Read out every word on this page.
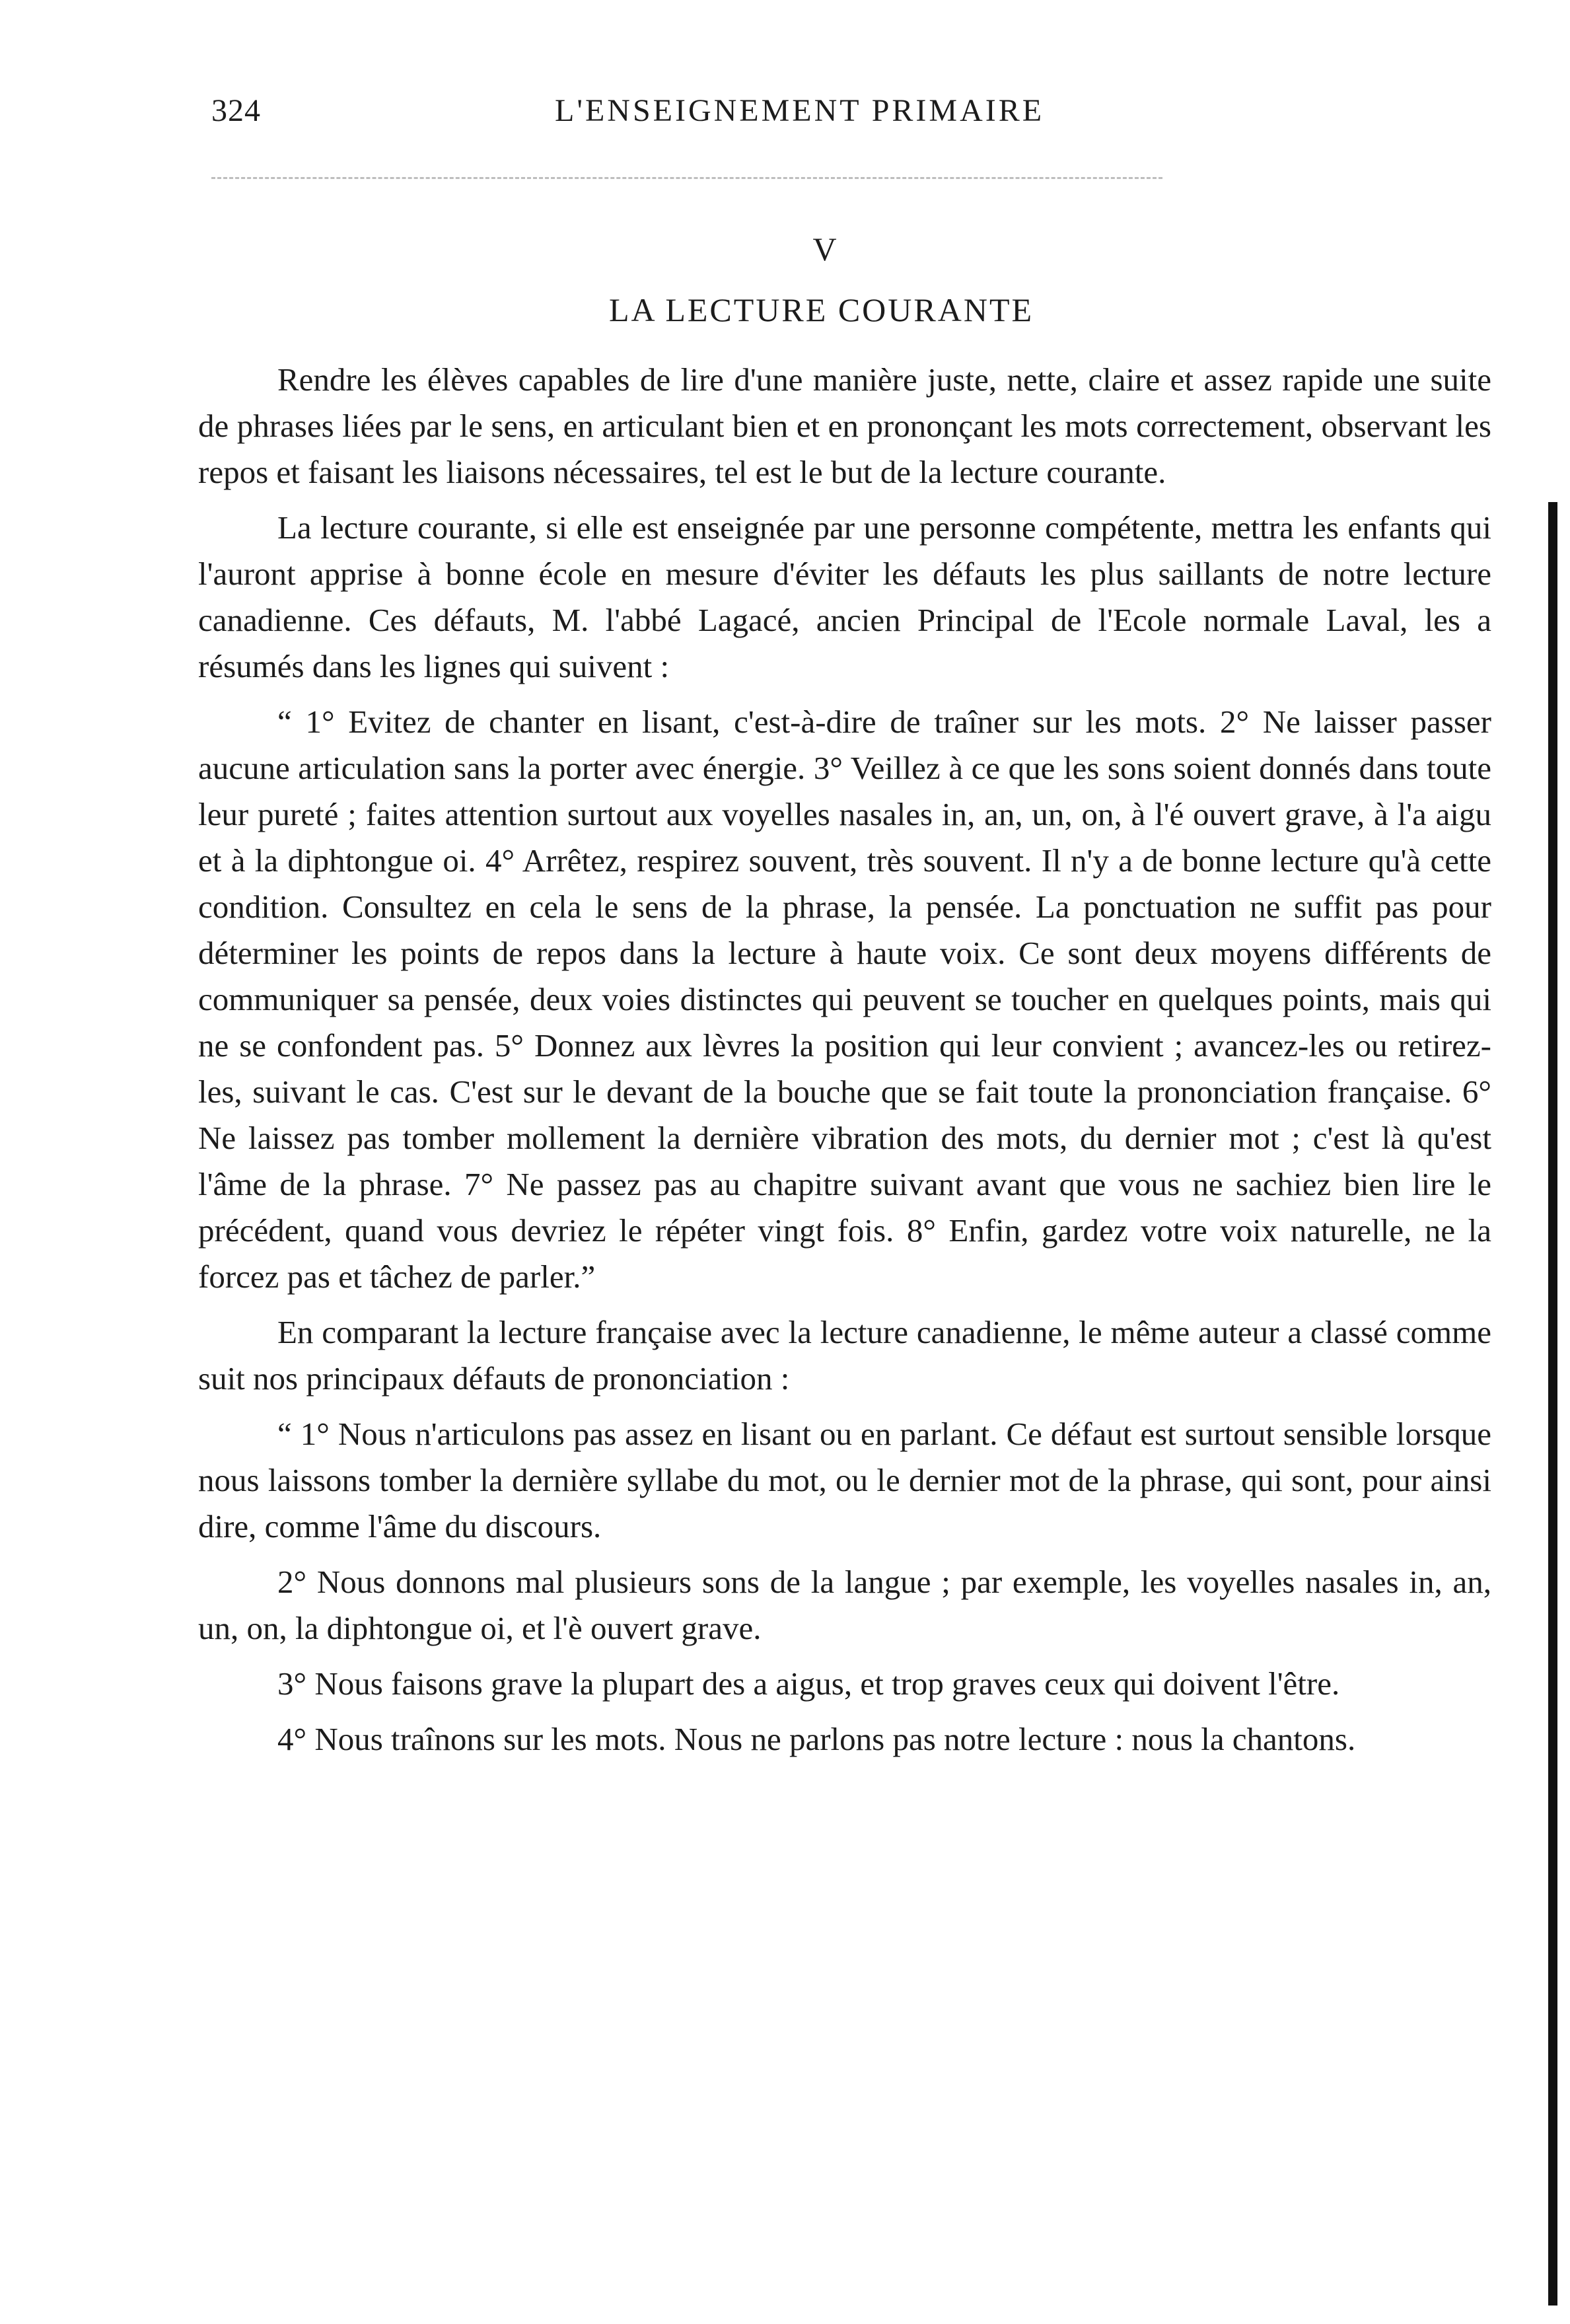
324	L'ENSEIGNEMENT PRIMAIRE
V
LA LECTURE COURANTE

Rendre les élèves capables de lire d'une manière juste, nette, claire et assez rapide une suite de phrases liées par le sens, en articulant bien et en prononçant les mots correctement, observant les repos et faisant les liaisons nécessaires, tel est le but de la lecture courante.

La lecture courante, si elle est enseignée par une personne compétente, mettra les enfants qui l'auront apprise à bonne école en mesure d'éviter les défauts les plus saillants de notre lecture canadienne. Ces défauts, M. l'abbé Lagacé, ancien Principal de l'Ecole normale Laval, les a résumés dans les lignes qui suivent :

“ 1° Evitez de chanter en lisant, c'est-à-dire de traîner sur les mots. 2° Ne laisser passer aucune articulation sans la porter avec énergie. 3° Veillez à ce que les sons soient donnés dans toute leur pureté ; faites attention surtout aux voyelles nasales in, an, un, on, à l'é ouvert grave, à l'a aigu et à la diphtongue oi. 4° Arrêtez, respirez souvent, très souvent. Il n'y a de bonne lecture qu'à cette condition. Consultez en cela le sens de la phrase, la pensée. La ponctuation ne suffit pas pour déterminer les points de repos dans la lecture à haute voix. Ce sont deux moyens différents de communiquer sa pensée, deux voies distinctes qui peuvent se toucher en quelques points, mais qui ne se confondent pas. 5° Donnez aux lèvres la position qui leur convient ; avancez-les ou retirez-les, suivant le cas. C'est sur le devant de la bouche que se fait toute la prononciation française. 6° Ne laissez pas tomber mollement la dernière vibration des mots, du dernier mot ; c'est là qu'est l'âme de la phrase. 7° Ne passez pas au chapitre suivant avant que vous ne sachiez bien lire le précédent, quand vous devriez le répéter vingt fois. 8° Enfin, gardez votre voix naturelle, ne la forcez pas et tâchez de parler.”

En comparant la lecture française avec la lecture canadienne, le même auteur a classé comme suit nos principaux défauts de prononciation :

“ 1° Nous n'articulons pas assez en lisant ou en parlant. Ce défaut est surtout sensible lorsque nous laissons tomber la dernière syllabe du mot, ou le dernier mot de la phrase, qui sont, pour ainsi dire, comme l'âme du discours.

2° Nous donnons mal plusieurs sons de la langue ; par exemple, les voyelles nasales in, an, un, on, la diphtongue oi, et l'è ouvert grave.

3° Nous faisons grave la plupart des a aigus, et trop graves ceux qui doivent l'être.

4° Nous traînons sur les mots. Nous ne parlons pas notre lecture : nous la chantons.
